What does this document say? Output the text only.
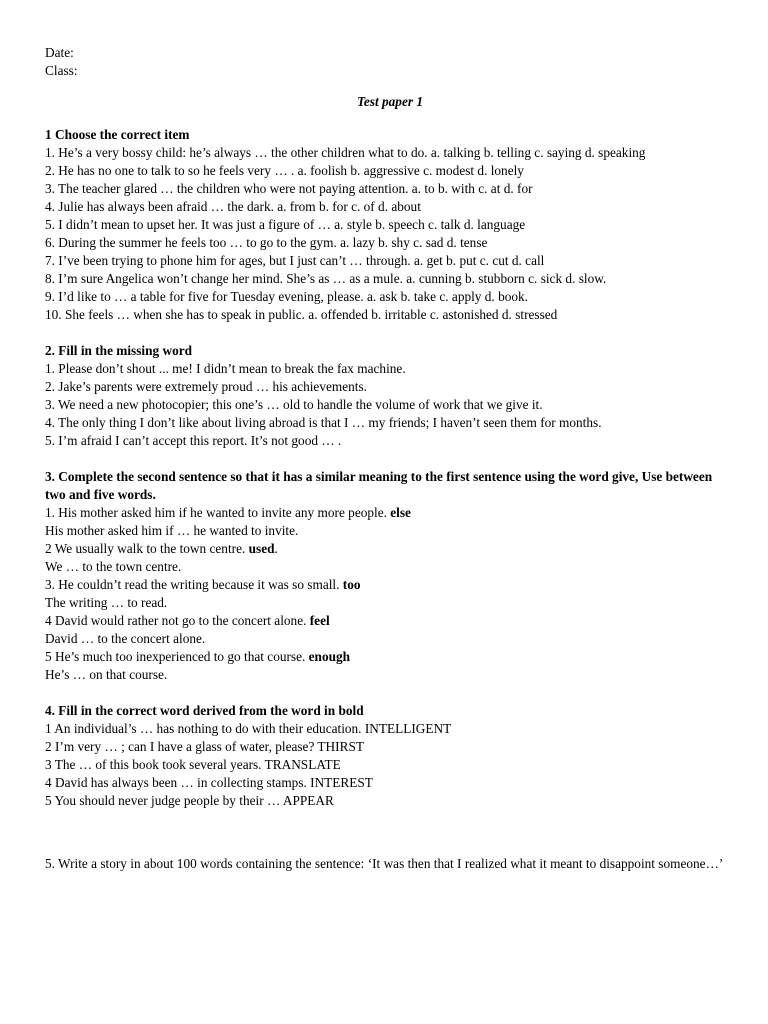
Date:
Class:
Test paper 1
1 Choose the correct item
1. He’s a very bossy child: he’s always … the other children what to do. a. talking b. telling c. saying d. speaking
2. He has no one to talk to so he feels very … . a. foolish b. aggressive c. modest d. lonely
3. The teacher glared … the children who were not paying attention. a. to b. with c. at d. for
4. Julie has always been afraid … the dark. a. from b. for c. of d. about
5. I didn’t mean to upset her. It was just a figure of … a. style b. speech c. talk d. language
6. During the summer he feels too … to go to the gym. a. lazy b. shy c. sad d. tense
7. I’ve been trying to phone him for ages, but I just can’t … through. a. get b. put c. cut d. call
8. I’m sure Angelica won’t change her mind. She’s as … as a mule. a. cunning b. stubborn c. sick d. slow.
9. I’d like to … a table for five for Tuesday evening, please. a. ask b. take c. apply d. book.
10. She feels … when she has to speak in public. a. offended b. irritable c. astonished d. stressed
2. Fill in the missing word
1. Please don’t shout ... me! I didn’t mean to break the fax machine.
2. Jake’s parents were extremely proud … his achievements.
3. We need a new photocopier; this one’s … old to handle the volume of work that we give it.
4. The only thing I don’t like about living abroad is that I … my friends; I haven’t seen them for months.
5. I’m afraid I can’t accept this report. It’s not good … .
3. Complete the second sentence so that it has a similar meaning to the first sentence using the word give, Use between two and five words.
1. His mother asked him if he wanted to invite any more people. else
His mother asked him if … he wanted to invite.
2 We usually walk to the town centre. used.
We … to the town centre.
3. He couldn’t read the writing because it was so small. too
The writing … to read.
4 David would rather not go to the concert alone. feel
David … to the concert alone.
5 He’s much too inexperienced to go that course. enough
He’s … on that course.
4. Fill in the correct word derived from the word in bold
1 An individual’s … has nothing to do with their education. INTELLIGENT
2 I’m very … ; can I have a glass of water, please? THIRST
3 The … of this book took several years. TRANSLATE
4 David has always been … in collecting stamps. INTEREST
5 You should never judge people by their … APPEAR
5. Write a story in about 100 words containing the sentence: ‘It was then that I realized what it meant to disappoint someone…’
